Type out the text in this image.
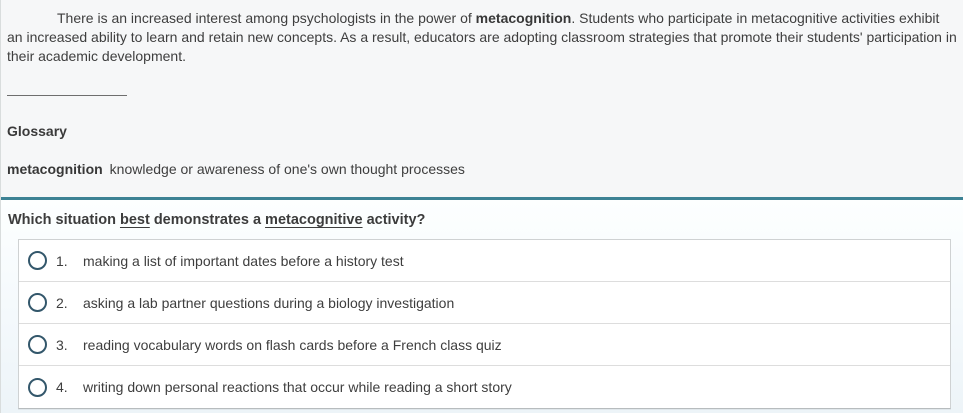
There is an increased interest among psychologists in the power of metacognition. Students who participate in metacognitive activities exhibit an increased ability to learn and retain new concepts. As a result, educators are adopting classroom strategies that promote their students' participation in their academic development.

Glossary

metacognition knowledge or awareness of one's own thought processes

Which situation best demonstrates a metacognitive activity?

1.	making a list of important dates before a history test
2.	asking a lab partner questions during a biology investigation
3.	reading vocabulary words on flash cards before a French class quiz
4.	writing down personal reactions that occur while reading a short story
